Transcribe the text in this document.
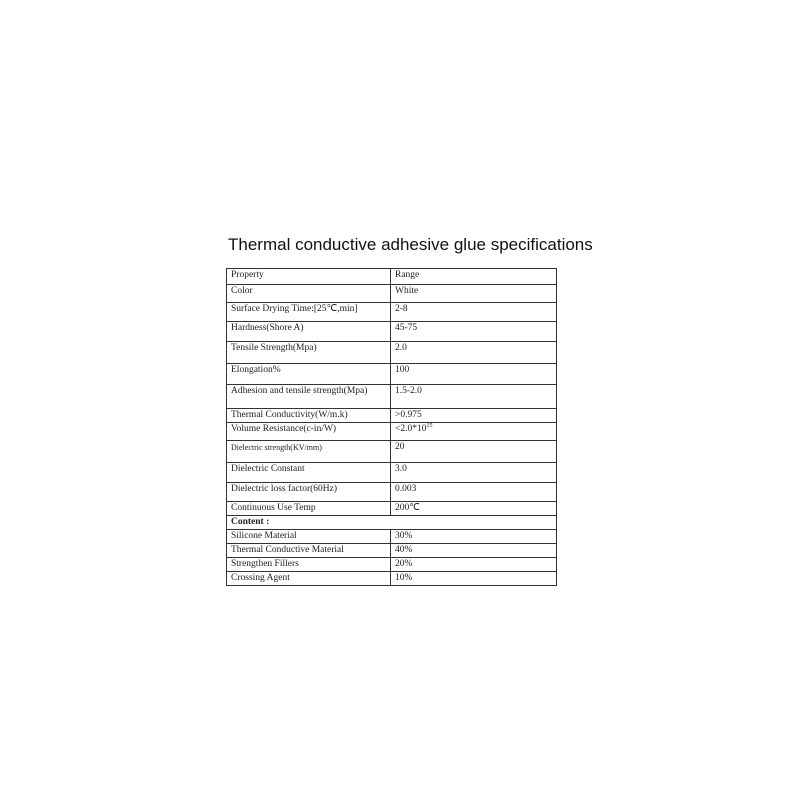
Thermal conductive adhesive glue specifications
Property	Range
Color	White
Surface Drying Time:[25℃,min]	2-8
Hardness(Shore A)	45-75
Tensile Strength(Mpa)	2.0
Elongation%	100
Adhesion and tensile strength(Mpa)	1.5-2.0
Thermal Conductivity(W/m.k)	>0.975
Volume Resistance(c-in/W)	$<2.0*10^{15}$
Dielectric strength(KV/mm)	20
Dielectric Constant	3.0
Dielectric loss factor(60Hz)	0.003
Continuous Use Temp	200℃
Content :	
Silicone Material	30%
Thermal Conductive Material	40%
Strengthen Fillers	20%
Crossing Agent	10%
